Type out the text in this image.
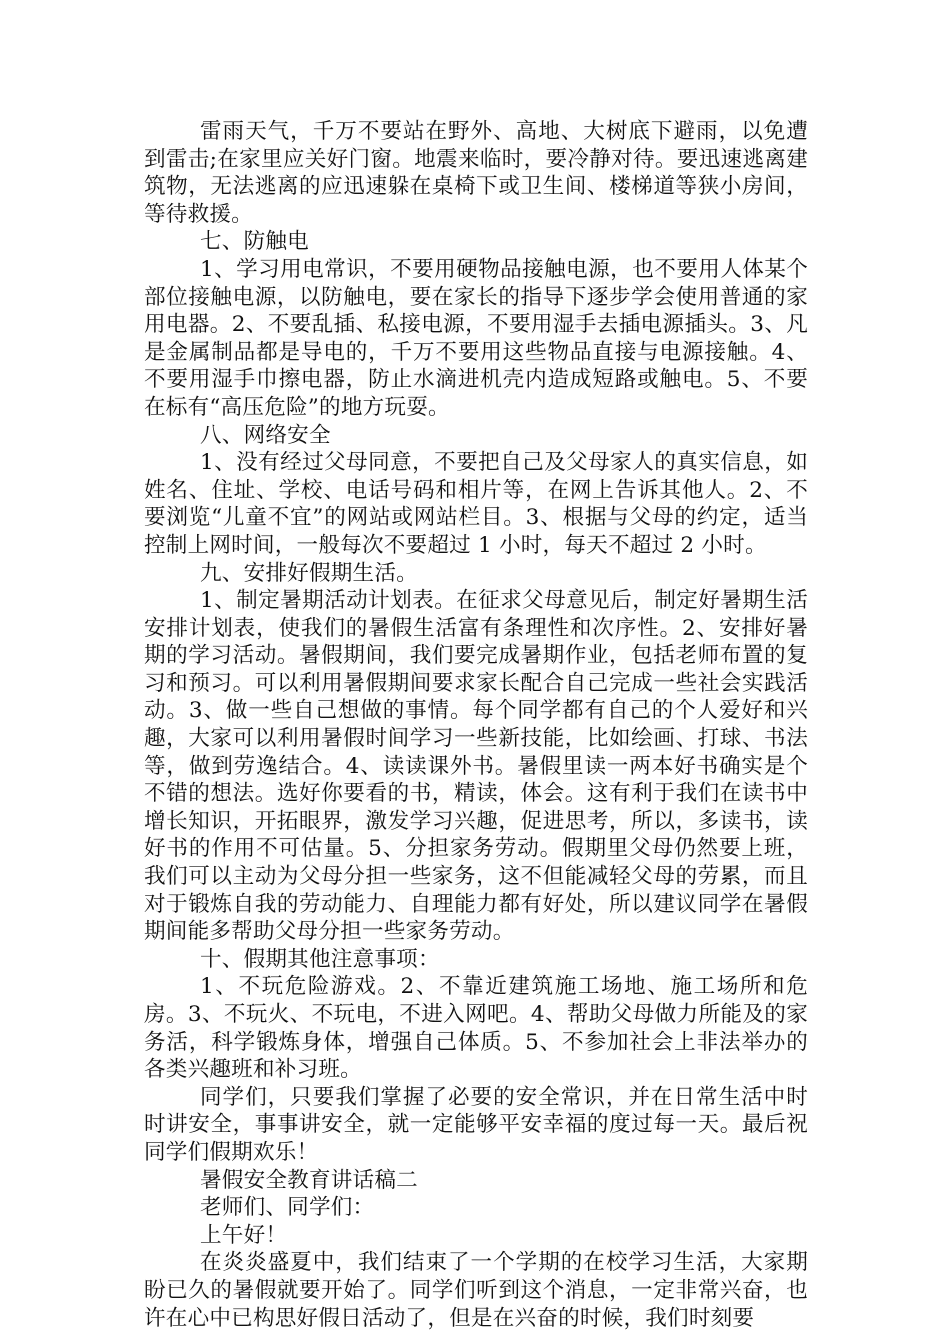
雷雨天气，千万不要站在野外、高地、大树底下避雨，以免遭到雷击;在家里应关好门窗。地震来临时，要冷静对待。要迅速逃离建筑物，无法逃离的应迅速躲在桌椅下或卫生间、楼梯道等狭小房间，等待救援。

七、防触电

1、学习用电常识，不要用硬物品接触电源，也不要用人体某个部位接触电源，以防触电，要在家长的指导下逐步学会使用普通的家用电器。2、不要乱插、私接电源，不要用湿手去插电源插头。3、凡是金属制品都是导电的，千万不要用这些物品直接与电源接触。4、不要用湿手巾擦电器，防止水滴进机壳内造成短路或触电。5、不要在标有“高压危险”的地方玩耍。

八、网络安全

1、没有经过父母同意，不要把自己及父母家人的真实信息，如姓名、住址、学校、电话号码和相片等，在网上告诉其他人。2、不要浏览“儿童不宜”的网站或网站栏目。3、根据与父母的约定，适当控制上网时间，一般每次不要超过 1 小时，每天不超过 2 小时。

九、安排好假期生活。

1、制定暑期活动计划表。在征求父母意见后，制定好暑期生活安排计划表，使我们的暑假生活富有条理性和次序性。2、安排好暑期的学习活动。暑假期间，我们要完成暑期作业，包括老师布置的复习和预习。可以利用暑假期间要求家长配合自己完成一些社会实践活动。3、做一些自己想做的事情。每个同学都有自己的个人爱好和兴趣，大家可以利用暑假时间学习一些新技能，比如绘画、打球、书法等，做到劳逸结合。4、读读课外书。暑假里读一两本好书确实是个不错的想法。选好你要看的书，精读，体会。这有利于我们在读书中增长知识，开拓眼界，激发学习兴趣，促进思考，所以，多读书，读好书的作用不可估量。5、分担家务劳动。假期里父母仍然要上班，我们可以主动为父母分担一些家务，这不但能减轻父母的劳累，而且对于锻炼自我的劳动能力、自理能力都有好处，所以建议同学在暑假期间能多帮助父母分担一些家务劳动。

十、假期其他注意事项：

1、不玩危险游戏。2、不靠近建筑施工场地、施工场所和危房。3、不玩火、不玩电，不进入网吧。4、帮助父母做力所能及的家务活，科学锻炼身体，增强自己体质。5、不参加社会上非法举办的各类兴趣班和补习班。

同学们，只要我们掌握了必要的安全常识，并在日常生活中时时讲安全，事事讲安全，就一定能够平安幸福的度过每一天。最后祝同学们假期欢乐！

暑假安全教育讲话稿二

老师们、同学们：

上午好！

在炎炎盛夏中，我们结束了一个学期的在校学习生活，大家期盼已久的暑假就要开始了。同学们听到这个消息，一定非常兴奋，也许在心中已构思好假日活动了，但是在兴奋的时候，我们时刻要
